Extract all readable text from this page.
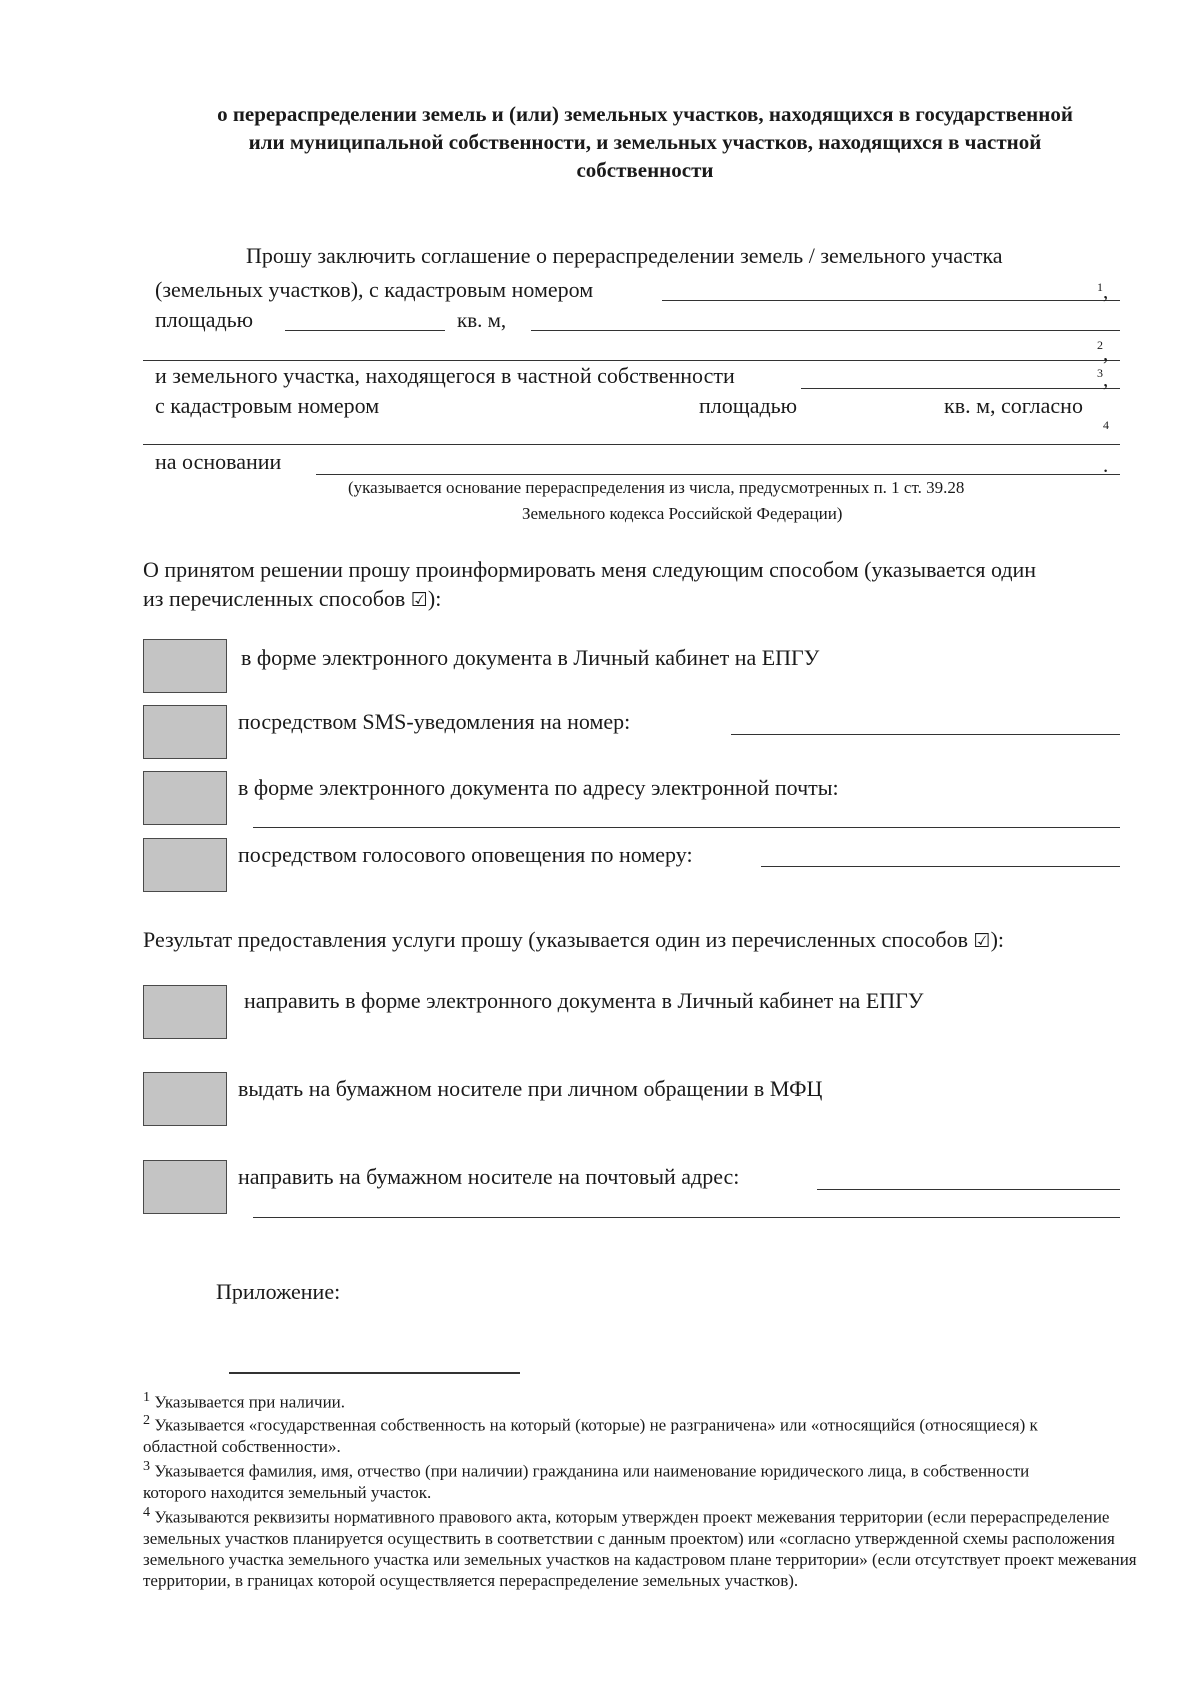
о перераспределении земель и (или) земельных участков, находящихся в государственной
или муниципальной собственности, и земельных участков, находящихся в частной
собственности
Прошу заключить соглашение о перераспределении земель / земельного участка
(земельных участков), с кадастровым номером	1 ,
площадью	кв. м,
2 ,
и земельного участка, находящегося в частной собственности	3 ,
с кадастровым номером	площадью	кв. м, согласно
4
на основании	.
(указывается основание перераспределения из числа, предусмотренных п. 1 ст. 39.28
Земельного кодекса Российской Федерации)
О принятом решении прошу проинформировать меня следующим способом (указывается один
из перечисленных способов ☑):
в форме электронного документа в Личный кабинет на ЕПГУ
посредством SMS-уведомления на номер:
в форме электронного документа по адресу электронной почты:
посредством голосового оповещения по номеру:
Результат предоставления услуги прошу (указывается один из перечисленных способов ☑):
направить в форме электронного документа в Личный кабинет на ЕПГУ
выдать на бумажном носителе при личном обращении в МФЦ
направить на бумажном носителе на почтовый адрес:
Приложение:
$^1$ Указывается при наличии.
$^2$ Указывается «государственная собственность на который (которые) не разграничена» или «относящийся (относящиеся) к областной собственности».
$^3$ Указывается фамилия, имя, отчество (при наличии) гражданина или наименование юридического лица, в собственности которого находится земельный участок.
$^4$ Указываются реквизиты нормативного правового акта, которым утвержден проект межевания территории (если перераспределение земельных участков планируется осуществить в соответствии с данным проектом) или «согласно утвержденной схемы расположения земельного участка земельного участка или земельных участков на кадастровом плане территории» (если отсутствует проект межевания территории, в границах которой осуществляется перераспределение земельных участков).
